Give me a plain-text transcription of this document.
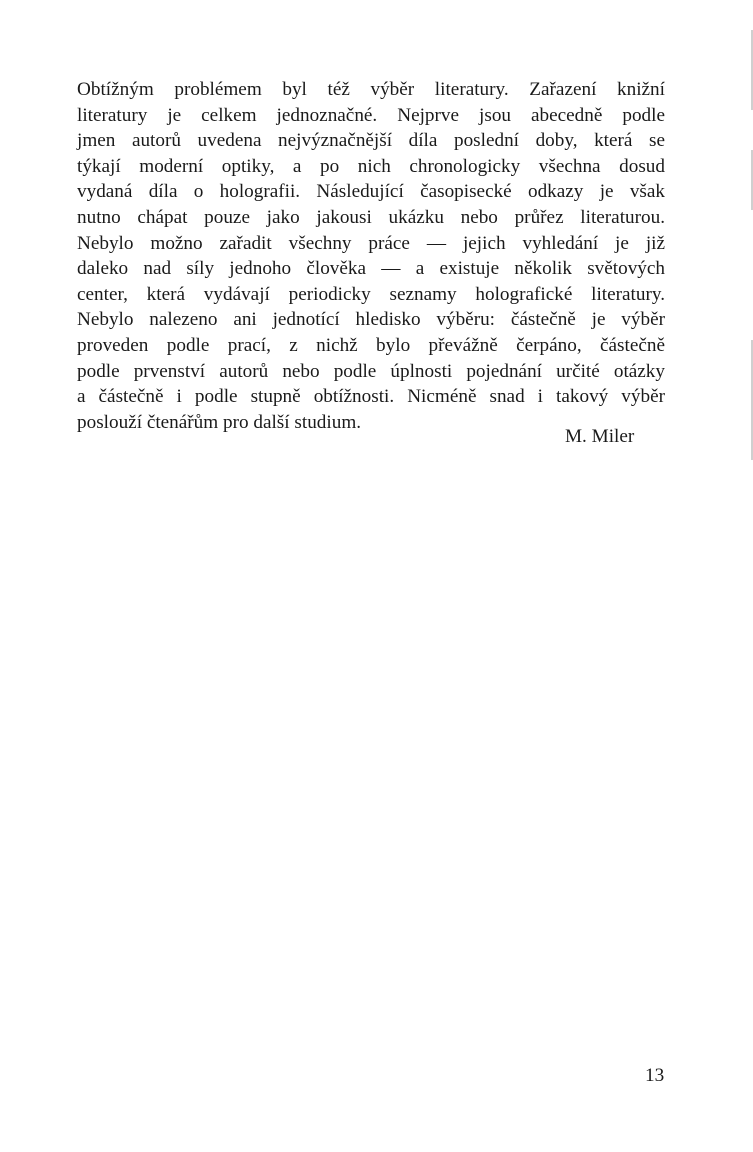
Obtížným problémem byl též výběr literatury. Zařazení knižní
literatury je celkem jednoznačné. Nejprve jsou abecedně podle
jmen autorů uvedena nejvýznačnější díla poslední doby, která se
týkají moderní optiky, a po nich chronologicky všechna dosud
vydaná díla o holografii. Následující časopisecké odkazy je však
nutno chápat pouze jako jakousi ukázku nebo průřez literaturou.
Nebylo možno zařadit všechny práce — jejich vyhledání je již
daleko nad síly jednoho člověka — a existuje několik světových
center, která vydávají periodicky seznamy holografické literatury.
Nebylo nalezeno ani jednotící hledisko výběru: částečně je výběr
proveden podle prací, z nichž bylo převážně čerpáno, částečně
podle prvenství autorů nebo podle úplnosti pojednání určité otázky
a částečně i podle stupně obtížnosti. Nicméně snad i takový výběr
poslouží čtenářům pro další studium.
M. Miler
13
